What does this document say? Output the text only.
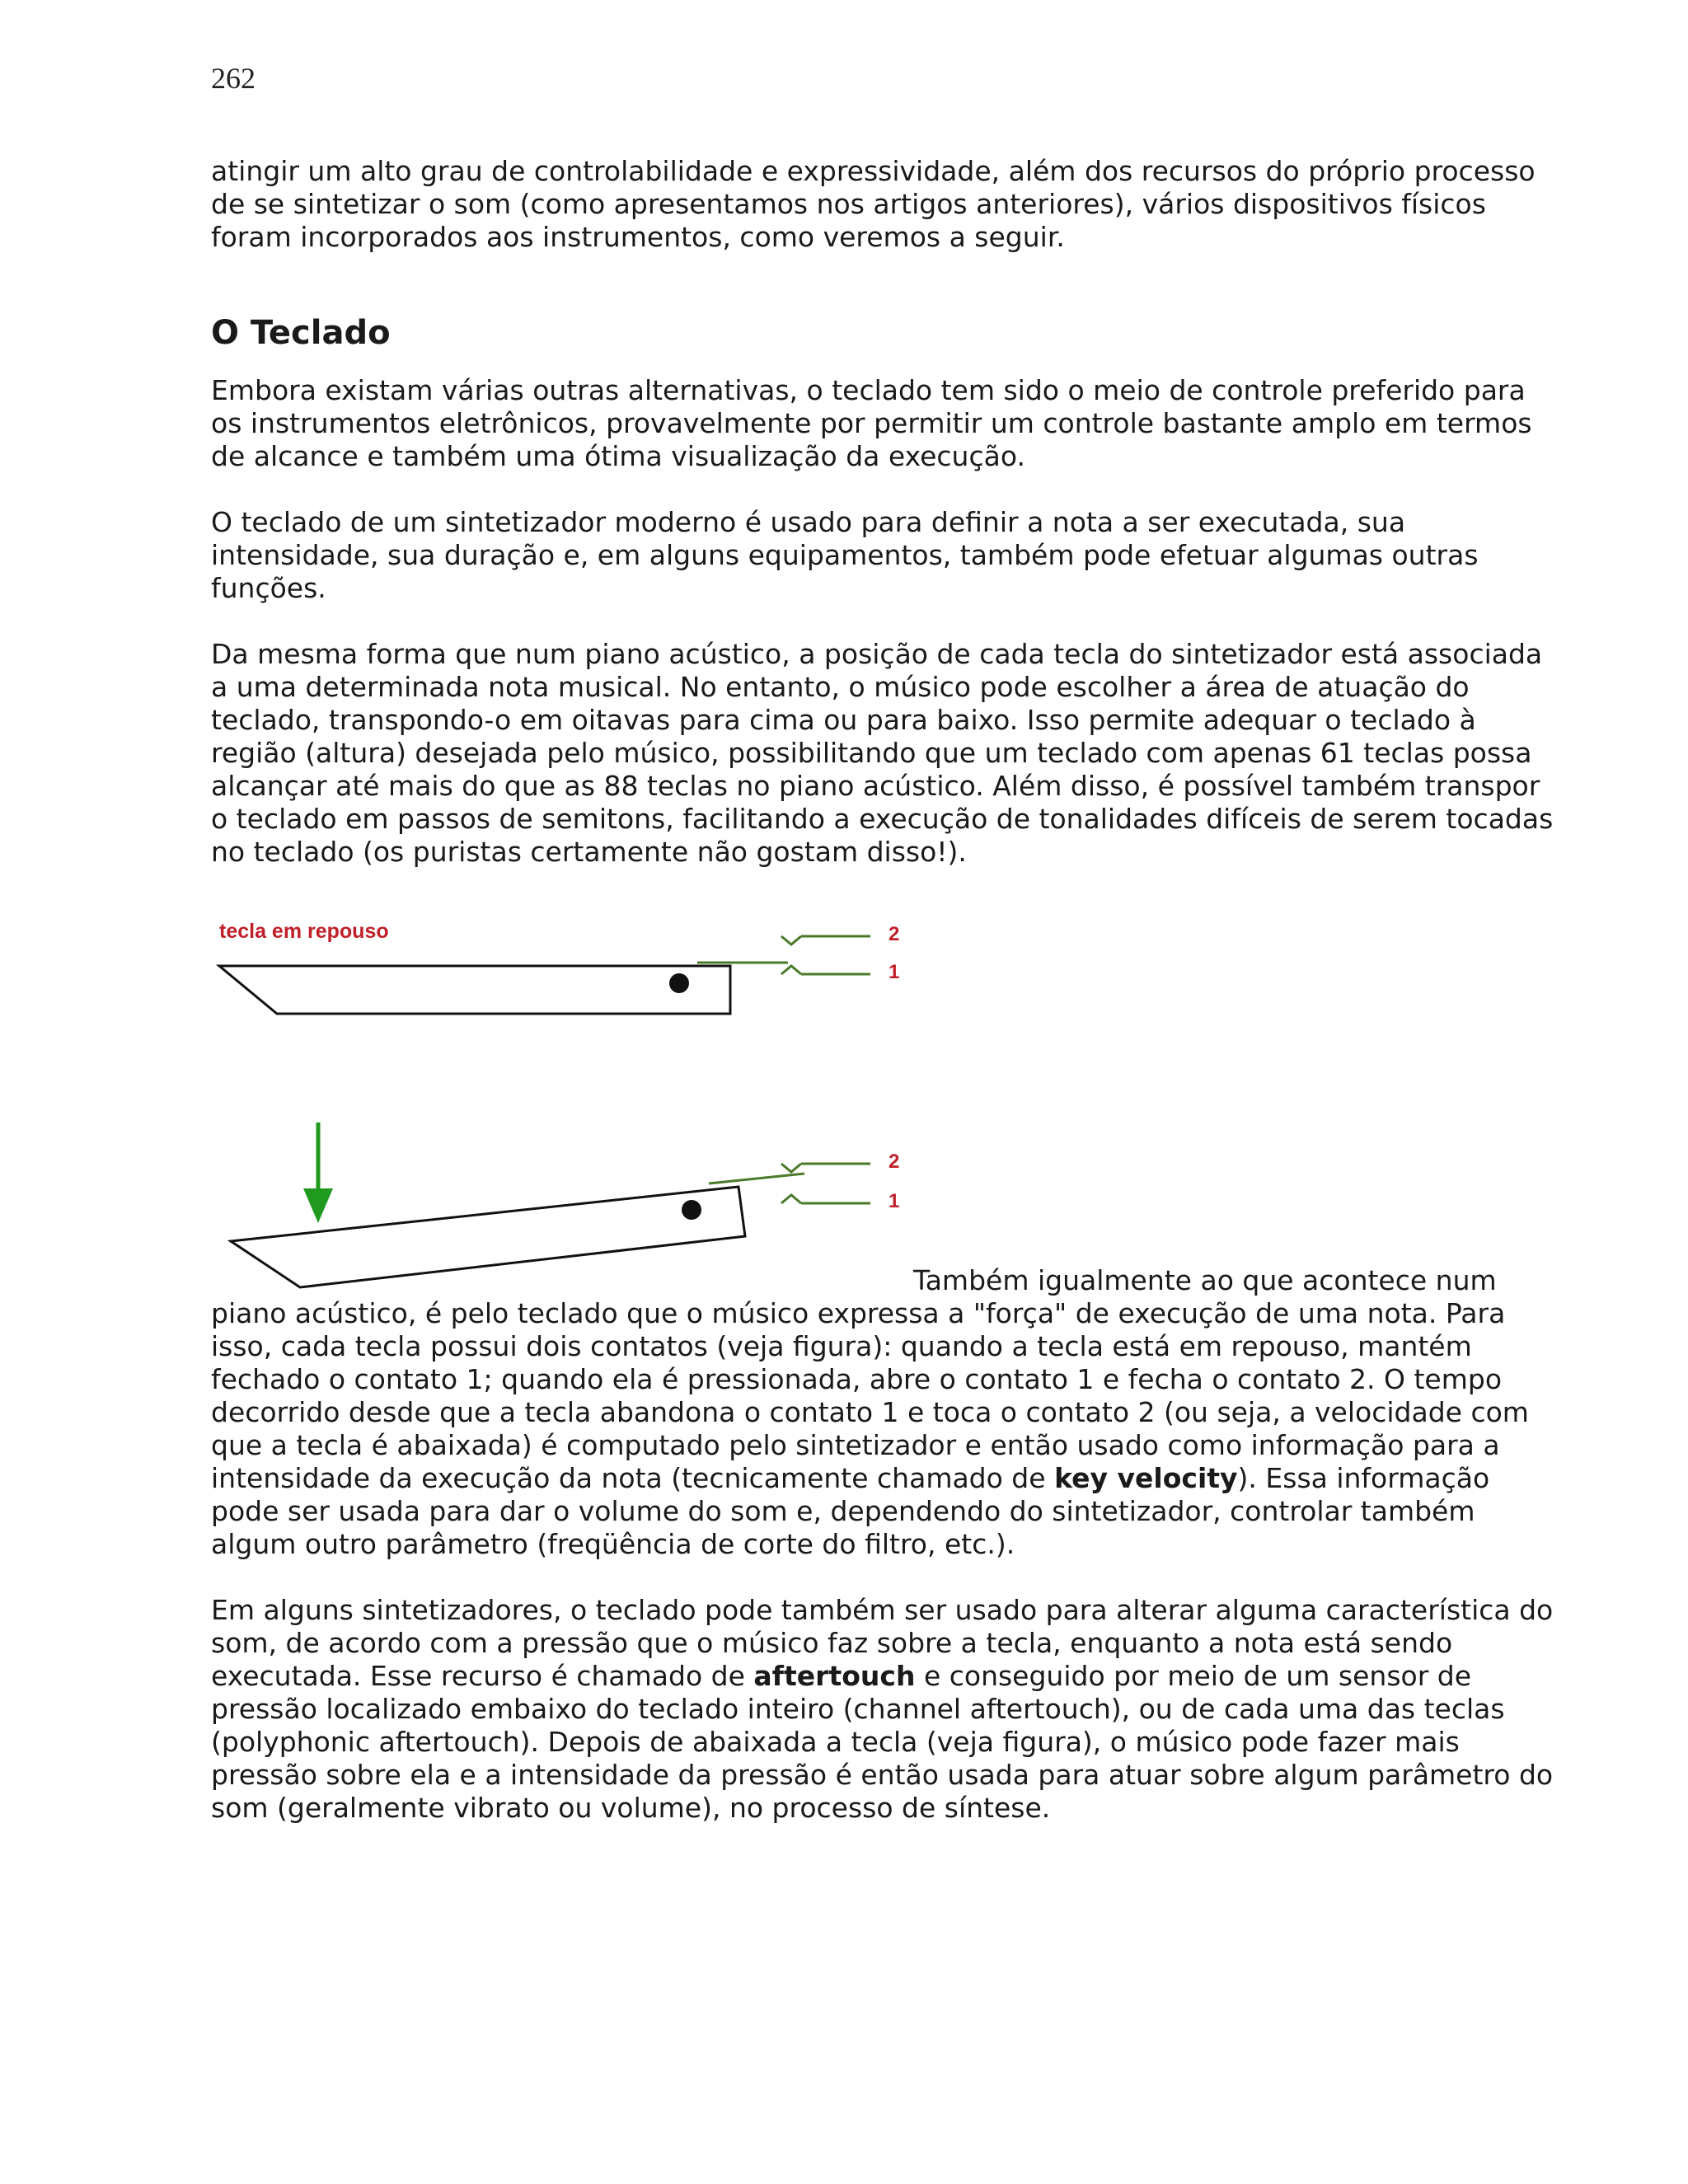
262

atingir um alto grau de controlabilidade e expressividade, além dos recursos do próprio processo de se sintetizar o som (como apresentamos nos artigos anteriores), vários dispositivos físicos foram incorporados aos instrumentos, como veremos a seguir.

O Teclado

Embora existam várias outras alternativas, o teclado tem sido o meio de controle preferido para os instrumentos eletrônicos, provavelmente por permitir um controle bastante amplo em termos de alcance e também uma ótima visualização da execução.

O teclado de um sintetizador moderno é usado para definir a nota a ser executada, sua intensidade, sua duração e, em alguns equipamentos, também pode efetuar algumas outras funções.

Da mesma forma que num piano acústico, a posição de cada tecla do sintetizador está associada a uma determinada nota musical. No entanto, o músico pode escolher a área de atuação do teclado, transpondo-o em oitavas para cima ou para baixo. Isso permite adequar o teclado à região (altura) desejada pelo músico, possibilitando que um teclado com apenas 61 teclas possa alcançar até mais do que as 88 teclas no piano acústico. Além disso, é possível também transpor o teclado em passos de semitons, facilitando a execução de tonalidades difíceis de serem tocadas no teclado (os puristas certamente não gostam disso!).

tecla em repouso	2
1
2
1
Também igualmente ao que acontece num

piano acústico, é pelo teclado que o músico expressa a "força" de execução de uma nota. Para isso, cada tecla possui dois contatos (veja figura): quando a tecla está em repouso, mantém fechado o contato 1; quando ela é pressionada, abre o contato 1 e fecha o contato 2. O tempo decorrido desde que a tecla abandona o contato 1 e toca o contato 2 (ou seja, a velocidade com que a tecla é abaixada) é computado pelo sintetizador e então usado como informação para a intensidade da execução da nota (tecnicamente chamado de key velocity). Essa informação pode ser usada para dar o volume do som e, dependendo do sintetizador, controlar também algum outro parâmetro (freqüência de corte do filtro, etc.).

Em alguns sintetizadores, o teclado pode também ser usado para alterar alguma característica do som, de acordo com a pressão que o músico faz sobre a tecla, enquanto a nota está sendo executada. Esse recurso é chamado de aftertouch e conseguido por meio de um sensor de pressão localizado embaixo do teclado inteiro (channel aftertouch), ou de cada uma das teclas (polyphonic aftertouch). Depois de abaixada a tecla (veja figura), o músico pode fazer mais pressão sobre ela e a intensidade da pressão é então usada para atuar sobre algum parâmetro do som (geralmente vibrato ou volume), no processo de síntese.
